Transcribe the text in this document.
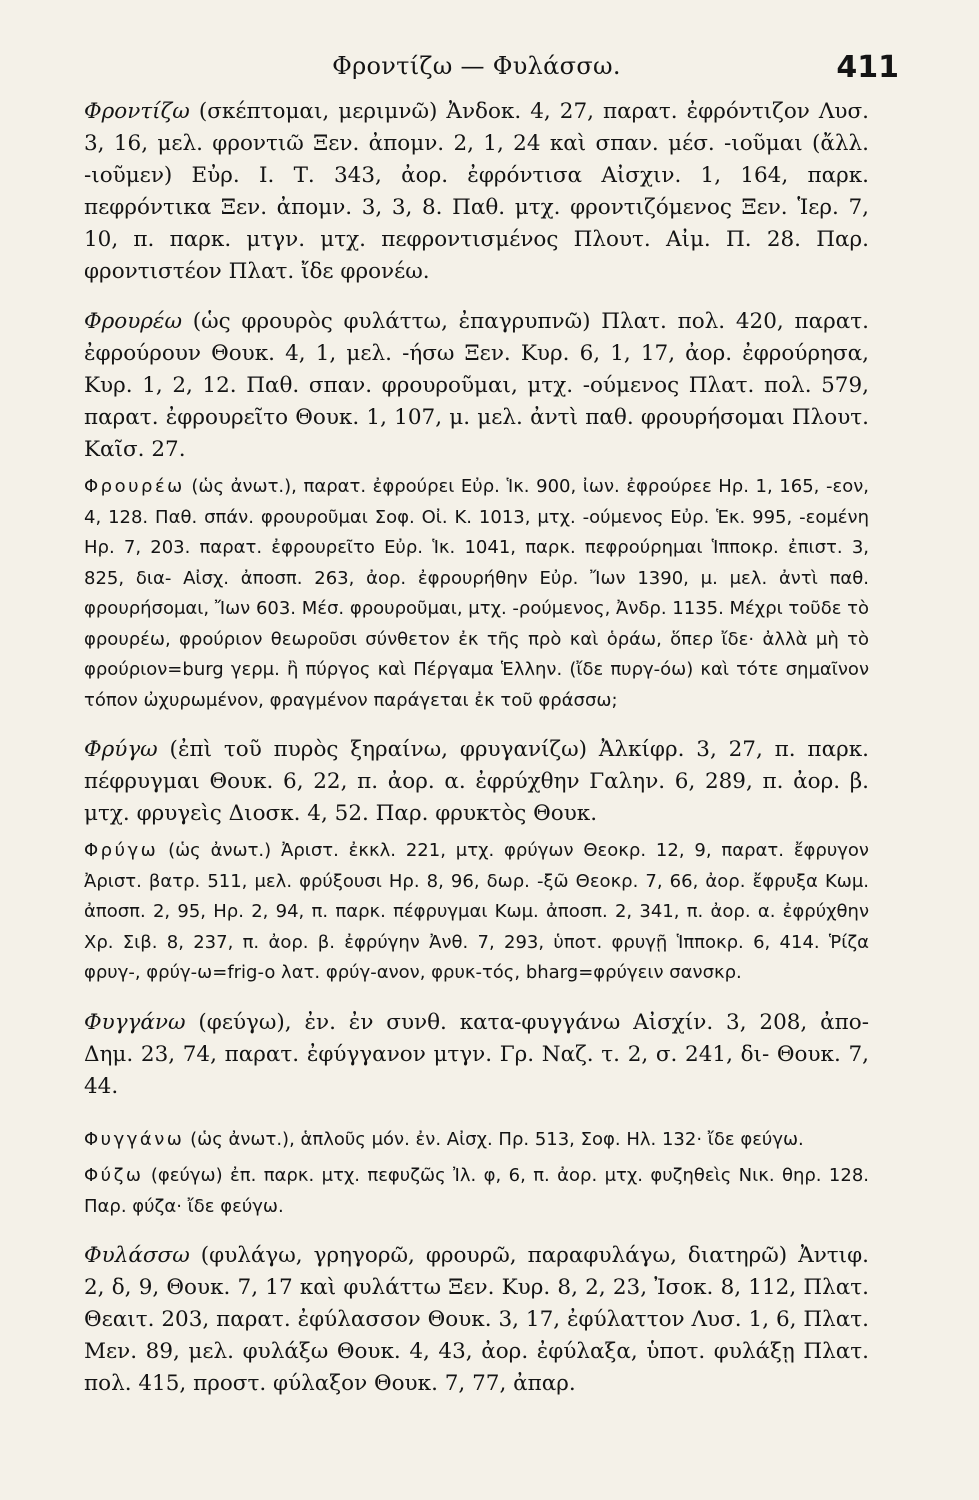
Φροντίζω — Φυλάσσω.	411

Φροντίζω (σκέπτομαι, μεριμνῶ) Ἀνδοκ. 4, 27, παρατ. ἐφρόντιζον Λυσ. 3, 16, μελ. φροντιῶ Ξεν. ἀπομν. 2, 1, 24 καὶ σπαν. μέσ. -ιοῦμαι (ἄλλ. -ιοῦμεν) Εὐρ. Ι. Τ. 343, ἀορ. ἐφρόντισα Αἰσχιν. 1, 164, παρκ. πεφρόντικα Ξεν. ἀπομν. 3, 3, 8. Παθ. μτχ. φροντιζόμενος Ξεν. Ἱερ. 7, 10, π. παρκ. μτγν. μτχ. πεφροντισμένος Πλουτ. Αἰμ. Π. 28. Παρ. φροντιστέον Πλατ. ἴδε φρονέω.

Φρουρέω (ὡς φρουρὸς φυλάττω, ἐπαγρυπνῶ) Πλατ. πολ. 420, παρατ. ἐφρούρουν Θουκ. 4, 1, μελ. -ήσω Ξεν. Κυρ. 6, 1, 17, ἀορ. ἐφρούρησα, Κυρ. 1, 2, 12. Παθ. σπαν. φρουροῦμαι, μτχ. -ούμενος Πλατ. πολ. 579, παρατ. ἐφρουρεῖτο Θουκ. 1, 107, μ. μελ. ἀντὶ παθ. φρουρήσομαι Πλουτ. Καῖσ. 27.

Φρουρέω (ὡς ἀνωτ.), παρατ. ἐφρούρει Εὐρ. Ἱκ. 900, ἰων. ἐφρούρεε Ηρ. 1, 165, -εον, 4, 128. Παθ. σπάν. φρουροῦμαι Σοφ. Οἰ. Κ. 1013, μτχ. -ούμενος Εὐρ. Ἑκ. 995, -εομένη Ηρ. 7, 203. παρατ. ἐφρουρεῖτο Εὐρ. Ἱκ. 1041, παρκ. πεφρούρημαι Ἱπποκρ. ἐπιστ. 3, 825, δια- Αἰσχ. ἀποσπ. 263, ἀορ. ἐφρουρήθην Εὐρ. Ἴων 1390, μ. μελ. ἀντὶ παθ. φρουρήσομαι, Ἴων 603. Μέσ. φρουροῦμαι, μτχ. -ρούμενος, Ἀνδρ. 1135. Μέχρι τοῦδε τὸ φρουρέω, φρούριον θεωροῦσι σύνθετον ἐκ τῆς πρὸ καὶ ὁράω, ὅπερ ἴδε· ἀλλὰ μὴ τὸ φρούριον=burg γερμ. ἢ πύργος καὶ Πέργαμα Ἑλλην. (ἴδε πυργ-όω) καὶ τότε σημαῖνον τόπον ὠχυρωμένον, φραγμένον παράγεται ἐκ τοῦ φράσσω;

Φρύγω (ἐπὶ τοῦ πυρὸς ξηραίνω, φρυγανίζω) Ἀλκίφρ. 3, 27, π. παρκ. πέφρυγμαι Θουκ. 6, 22, π. ἀορ. α. ἐφρύχθην Γαλην. 6, 289, π. ἀορ. β. μτχ. φρυγεὶς Διοσκ. 4, 52. Παρ. φρυκτὸς Θουκ.

Φρύγω (ὡς ἀνωτ.) Ἀριστ. ἐκκλ. 221, μτχ. φρύγων Θεοκρ. 12, 9, παρατ. ἔφρυγον Ἀριστ. βατρ. 511, μελ. φρύξουσι Ηρ. 8, 96, δωρ. -ξῶ Θεοκρ. 7, 66, ἀορ. ἔφρυξα Κωμ. ἀποσπ. 2, 95, Ηρ. 2, 94, π. παρκ. πέφρυγμαι Κωμ. ἀποσπ. 2, 341, π. ἀορ. α. ἐφρύχθην Χρ. Σιβ. 8, 237, π. ἀορ. β. ἐφρύγην Ἀνθ. 7, 293, ὑποτ. φρυγῇ Ἱπποκρ. 6, 414. Ῥίζα φρυγ-, φρύγ-ω=frig-o λατ. φρύγ-ανον, φρυκ-τός, bharg=φρύγειν σανσκρ.

Φυγγάνω (φεύγω), ἐν. ἐν συνθ. κατα-φυγγάνω Αἰσχίν. 3, 208, ἀπο- Δημ. 23, 74, παρατ. ἐφύγγανον μτγν. Γρ. Ναζ. τ. 2, σ. 241, δι- Θουκ. 7, 44.

Φυγγάνω (ὡς ἀνωτ.), ἁπλοῦς μόν. ἐν. Αἰσχ. Πρ. 513, Σοφ. Ηλ. 132· ἴδε φεύγω.

Φύζω (φεύγω) ἐπ. παρκ. μτχ. πεφυζῶς Ἰλ. φ, 6, π. ἀορ. μτχ. φυζηθεὶς Νικ. θηρ. 128. Παρ. φύζα· ἴδε φεύγω.

Φυλάσσω (φυλάγω, γρηγορῶ, φρουρῶ, παραφυλάγω, διατηρῶ) Ἀντιφ. 2, δ, 9, Θουκ. 7, 17 καὶ φυλάττω Ξεν. Κυρ. 8, 2, 23, Ἰσοκ. 8, 112, Πλατ. Θεαιτ. 203, παρατ. ἐφύλασσον Θουκ. 3, 17, ἐφύλαττον Λυσ. 1, 6, Πλατ. Μεν. 89, μελ. φυλάξω Θουκ. 4, 43, ἀορ. ἐφύλαξα, ὑποτ. φυλάξῃ Πλατ. πολ. 415, προστ. φύλαξον Θουκ. 7, 77, ἀπαρ.
